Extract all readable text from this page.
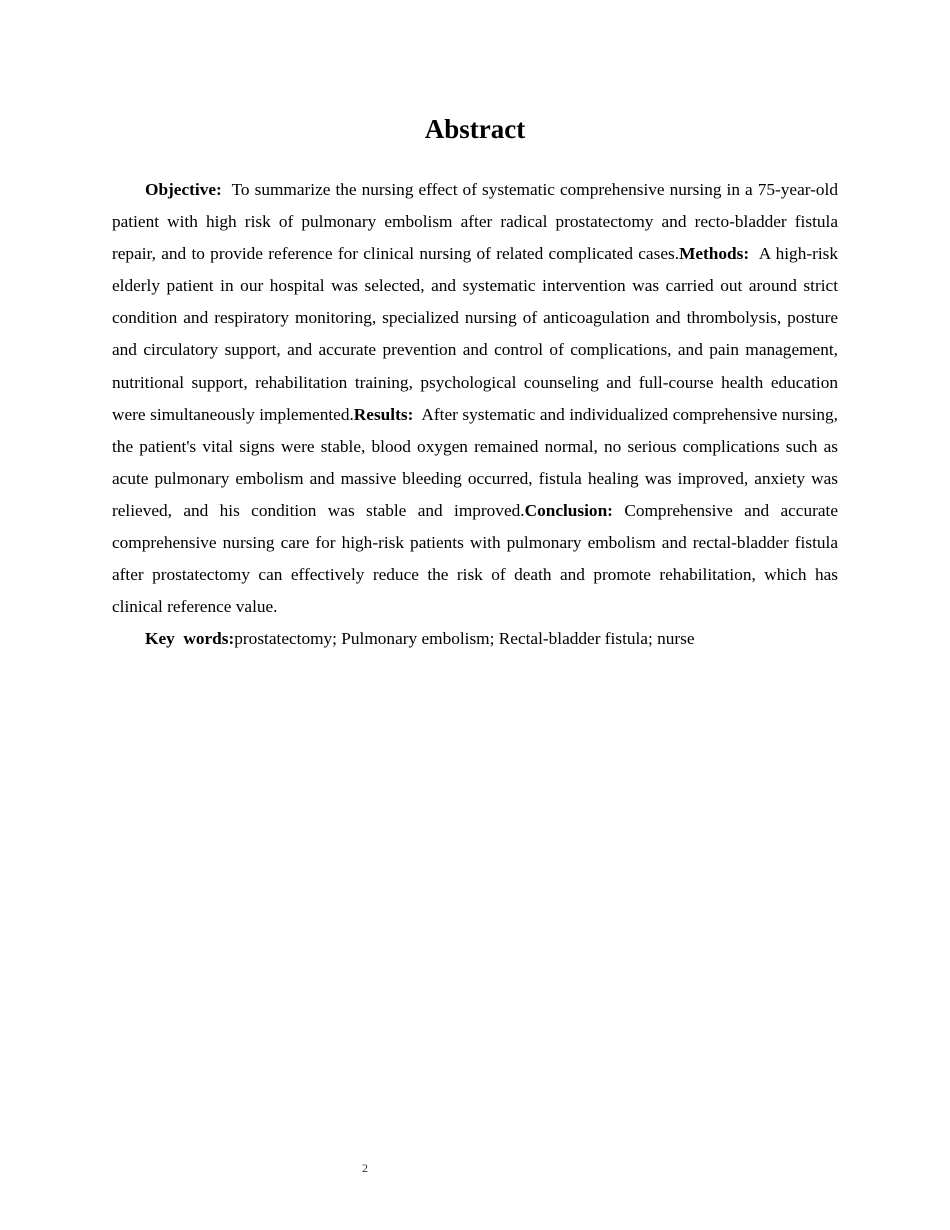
Abstract

Objective: To summarize the nursing effect of systematic comprehensive nursing in a 75-year-old patient with high risk of pulmonary embolism after radical prostatectomy and recto-bladder fistula repair, and to provide reference for clinical nursing of related complicated cases.Methods: A high-risk elderly patient in our hospital was selected, and systematic intervention was carried out around strict condition and respiratory monitoring, specialized nursing of anticoagulation and thrombolysis, posture and circulatory support, and accurate prevention and control of complications, and pain management, nutritional support, rehabilitation training, psychological counseling and full-course health education were simultaneously implemented.Results: After systematic and individualized comprehensive nursing, the patient's vital signs were stable, blood oxygen remained normal, no serious complications such as acute pulmonary embolism and massive bleeding occurred, fistula healing was improved, anxiety was relieved, and his condition was stable and improved.Conclusion: Comprehensive and accurate comprehensive nursing care for high-risk patients with pulmonary embolism and rectal-bladder fistula after prostatectomy can effectively reduce the risk of death and promote rehabilitation, which has clinical reference value.

Key  words:prostatectomy; Pulmonary embolism; Rectal-bladder fistula; nurse

2
